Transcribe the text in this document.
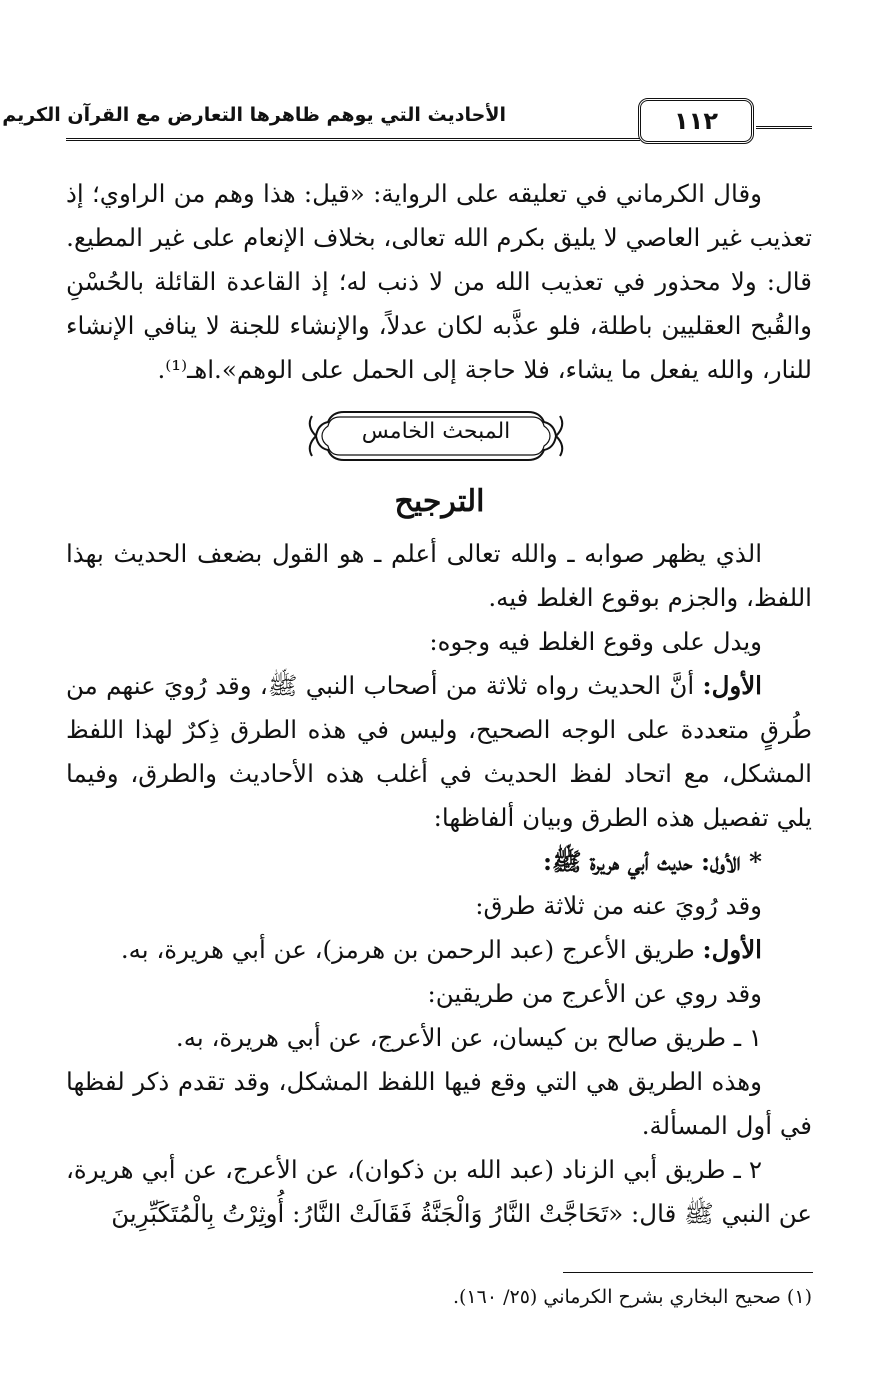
الأحاديث التي يوهم ظاهرها التعارض مع القرآن الكريم	١١٢

وقال الكرماني في تعليقه على الرواية: «قيل: هذا وهم من الراوي؛ إذ تعذيب غير العاصي لا يليق بكرم الله تعالى، بخلاف الإنعام على غير المطيع.

قال: ولا محذور في تعذيب الله من لا ذنب له؛ إذ القاعدة القائلة بالحُسْنِ والقُبح العقليين باطلة، فلو عذَّبه لكان عدلاً، والإنشاء للجنة لا ينافي الإنشاء للنار، والله يفعل ما يشاء، فلا حاجة إلى الحمل على الوهم».اهـ⁽¹⁾.

المبحث الخامس
الترجيح

الذي يظهر صوابه ـ والله تعالى أعلم ـ هو القول بضعف الحديث بهذا اللفظ، والجزم بوقوع الغلط فيه.

ويدل على وقوع الغلط فيه وجوه:

الأول: أنَّ الحديث رواه ثلاثة من أصحاب النبي ﷺ، وقد رُويَ عنهم من طُرقٍ متعددة على الوجه الصحيح، وليس في هذه الطرق ذِكرٌ لهذا اللفظ المشكل، مع اتحاد لفظ الحديث في أغلب هذه الأحاديث والطرق، وفيما يلي تفصيل هذه الطرق وبيان ألفاظها:

* الأول: حديث أبي هريرة ﷺ:

وقد رُويَ عنه من ثلاثة طرق:

الأول: طريق الأعرج (عبد الرحمن بن هرمز)، عن أبي هريرة، به.

وقد روي عن الأعرج من طريقين:

١ ـ طريق صالح بن كيسان، عن الأعرج، عن أبي هريرة، به.

وهذه الطريق هي التي وقع فيها اللفظ المشكل، وقد تقدم ذكر لفظها في أول المسألة.

٢ ـ طريق أبي الزناد (عبد الله بن ذكوان)، عن الأعرج، عن أبي هريرة، عن النبي ﷺ قال: «تَحَاجَّتْ النَّارُ وَالْجَنَّةُ فَقَالَتْ النَّارُ: أُوثِرْتُ بِالْمُتَكَبِّرِينَ

(١) صحيح البخاري بشرح الكرماني (٢٥/ ١٦٠).
